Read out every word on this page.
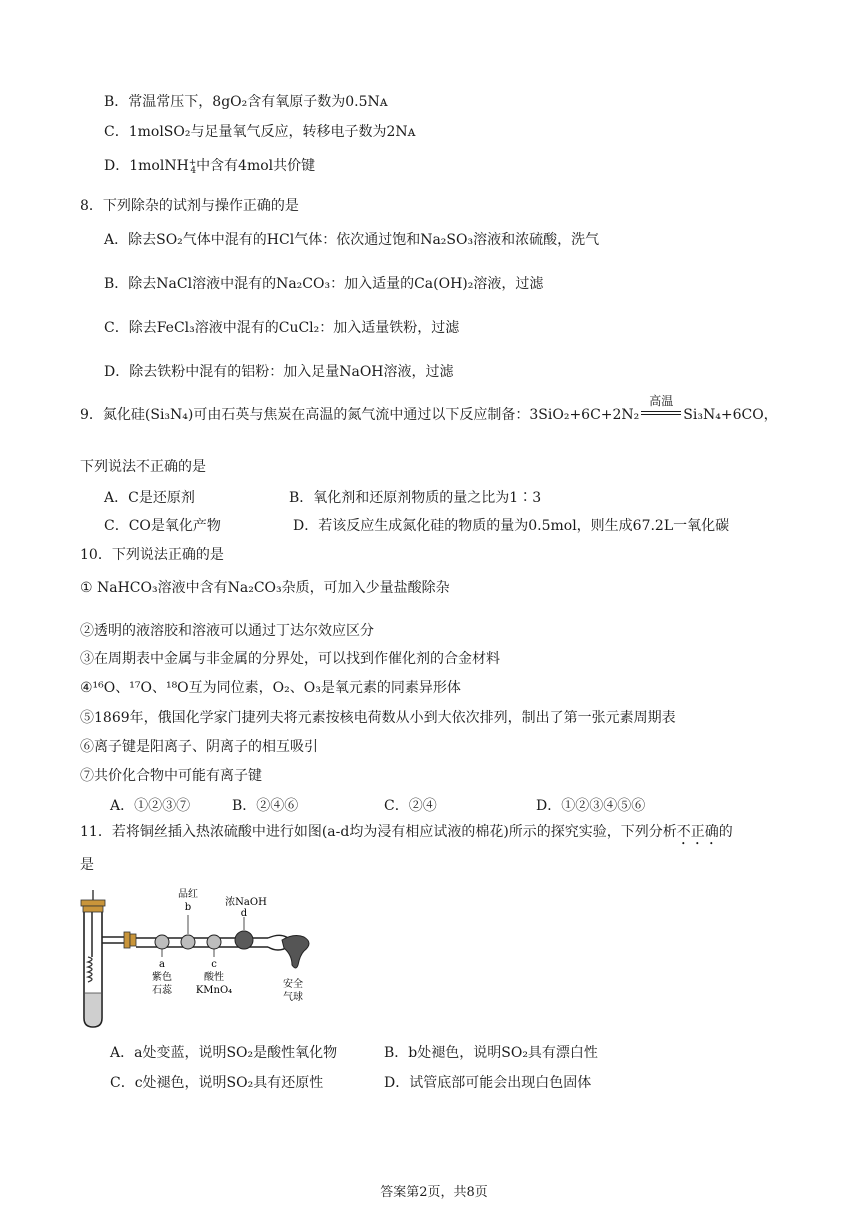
B．常温常压下，8gO₂含有氧原子数为0.5Nᴀ
C．1molSO₂与足量氧气反应，转移电子数为2Nᴀ
D．1molNH+$_4$中含有4mol共价键
8．下列除杂的试剂与操作正确的是
A．除去SO₂气体中混有的HCl气体：依次通过饱和Na₂SO₃溶液和浓硫酸，洗气
B．除去NaCl溶液中混有的Na₂CO₃：加入适量的Ca(OH)₂溶液，过滤
C．除去FeCl₃溶液中混有的CuCl₂：加入适量铁粉，过滤
D．除去铁粉中混有的铝粉：加入足量NaOH溶液，过滤
9．氮化硅(Si₃N₄)可由石英与焦炭在高温的氮气流中通过以下反应制备：3SiO₂+6C+2N₂
高温
Si₃N₄+6CO，
下列说法不正确的是
A．C是还原剂	B．氧化剂和还原剂物质的量之比为1∶3
C．CO是氧化产物	D．若该反应生成氮化硅的物质的量为0.5mol，则生成67.2L一氧化碳
10．下列说法正确的是
① NaHCO₃溶液中含有Na₂CO₃杂质，可加入少量盐酸除杂
②透明的液溶胶和溶液可以通过丁达尔效应区分
③在周期表中金属与非金属的分界处，可以找到作催化剂的合金材料
④¹⁶O、¹⁷O、¹⁸O互为同位素，O₂、O₃是氧元素的同素异形体
⑤1869年，俄国化学家门捷列夫将元素按核电荷数从小到大依次排列，制出了第一张元素周期表
⑥离子键是阳离子、阴离子的相互吸引
⑦共价化合物中可能有离子键
A．①②③⑦	B．②④⑥	C．②④	D．①②③④⑤⑥
11．若将铜丝插入热浓硫酸中进行如图(a-d均为浸有相应试液的棉花)所示的探究实验，下列分析不正确的
是
品红
b	浓NaOH
d
a
紫色
石蕊
c
酸性
KMnO₄
安全
气球
A．a处变蓝，说明SO₂是酸性氧化物	B．b处褪色，说明SO₂具有漂白性
C．c处褪色，说明SO₂具有还原性	D．试管底部可能会出现白色固体
答案第2页，共8页
